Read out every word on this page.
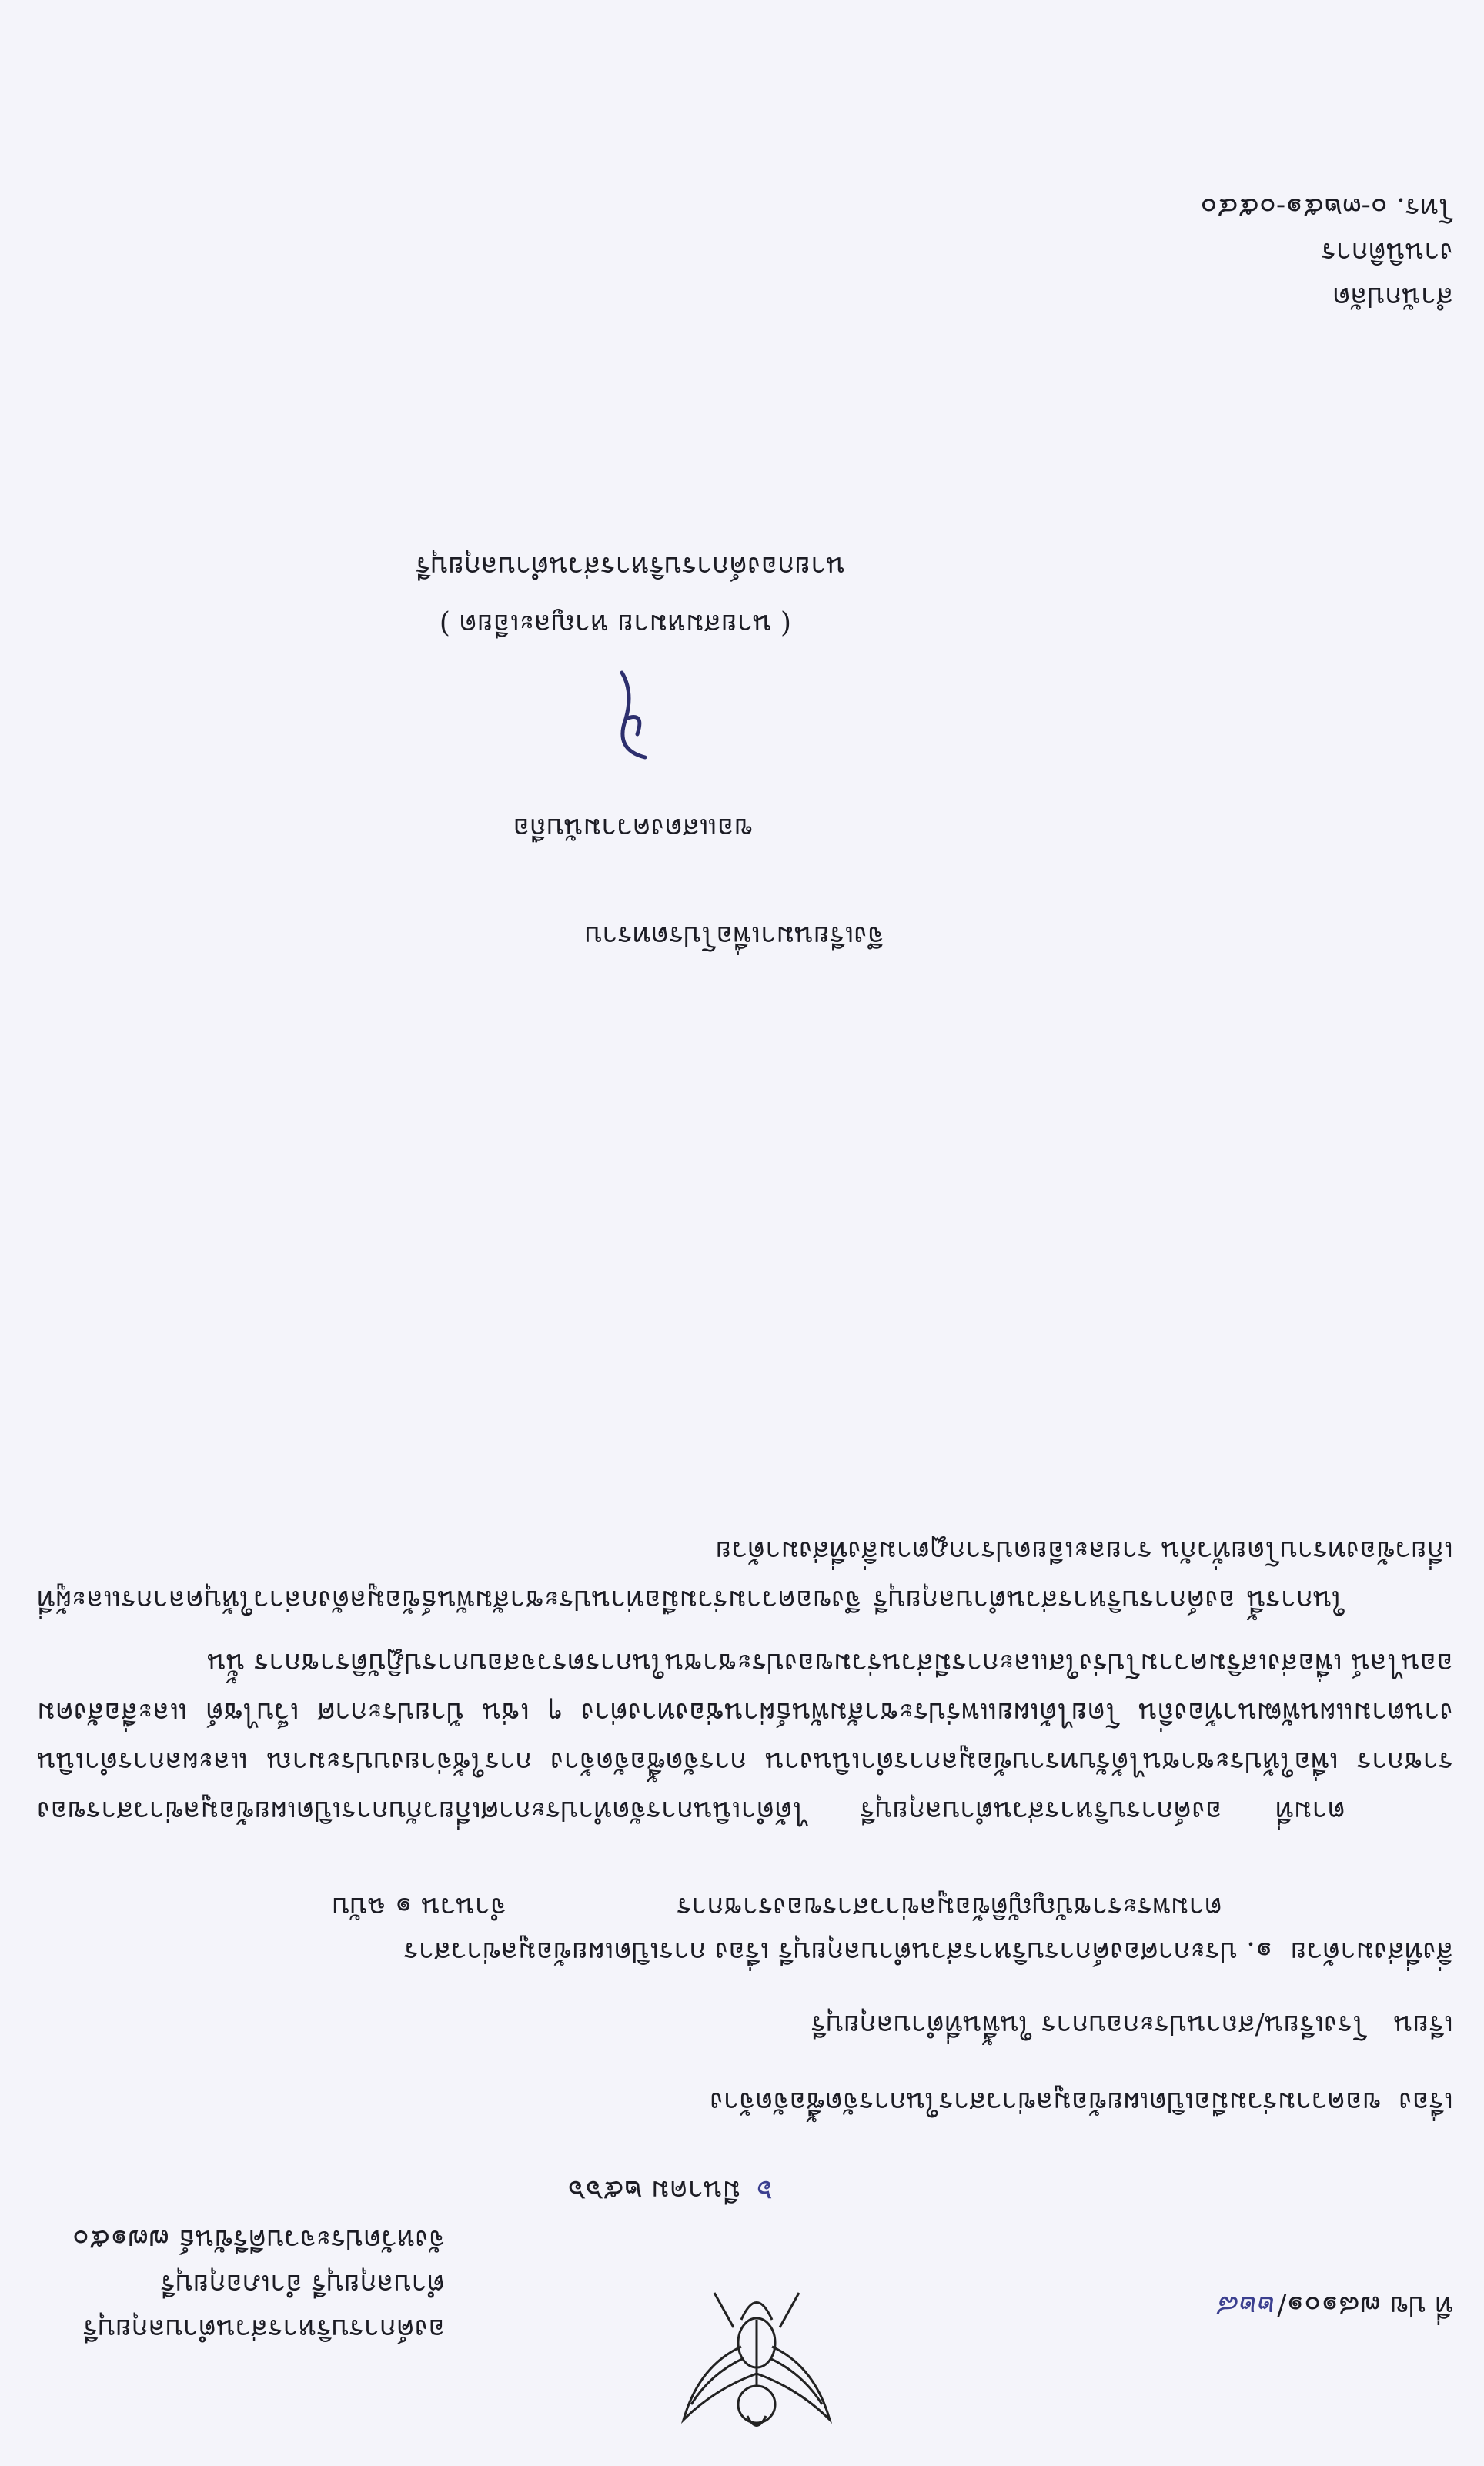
ที่ ปข ๗๘๑๐๑/๒๒๘
องค์การบริหารส่วนตำบลกุยบุรี
ตำบลกุยบุรี อำเภอกุยบุรี
จังหวัดประจวบคีรีขันธ์ ๗๗๑๕๐
๖  มีนาคม ๒๕๖๖
เรื่อง  ขอความร่วมมือเปิดเผยข้อมูลข่าวสารในการจัดซื้อจัดจ้าง
เรียน   โรงเรียน/สถานประกอบการ ในพื้นที่ตำบลกุยบุรี
สิ่งที่ส่งมาด้วย  ๑. ประกาศองค์การบริหารส่วนตำบลกุยบุรี เรื่อง การเปิดเผยข้อมูลข่าวสาร
ตามพระราชบัญญัติข้อมูลข่าวสารของราชการ
จำนวน ๑ ฉบับ

ตามที่ องค์การบริหารส่วนตำบลกุยบุรี ได้ดำเนินการจัดทำประกาศเกี่ยวกับการเปิดเผยข้อมูลข่าวสารของราชการ เพื่อให้ประชาชนได้รับทราบข้อมูลการดำเนินงาน การจัดซื้อจัดจ้าง การใช้จ่ายงบประมาณ และผลการดำเนินงานตามแผนพัฒนาท้องถิ่น โดยได้เผยแพร่ประชาสัมพันธ์ผ่านช่องทางต่าง ๆ เช่น ป้ายประกาศ เว็บไซต์ และสื่อสังคมออนไลน์ เพื่อส่งเสริมความโปร่งใสและการมีส่วนร่วมของประชาชนในการตรวจสอบการปฏิบัติราชการ นั้น

ในการนี้ องค์การบริหารส่วนตำบลกุยบุรี จึงขอความร่วมมือท่านประชาสัมพันธ์ข้อมูลดังกล่าวให้บุคลากรและผู้ที่เกี่ยวข้องทราบโดยทั่วกัน รายละเอียดปรากฏตามสิ่งที่ส่งมาด้วย

จึงเรียนมาเพื่อโปรดทราบ
ขอแสดงความนับถือ
( นายสมหมาย หาญละเอียด )
นายกองค์การบริหารส่วนตำบลกุยบุรี
สำนักปลัด
งานนิติการ
โทร. ๐-๓๒๕๑-๐๕๔๐
